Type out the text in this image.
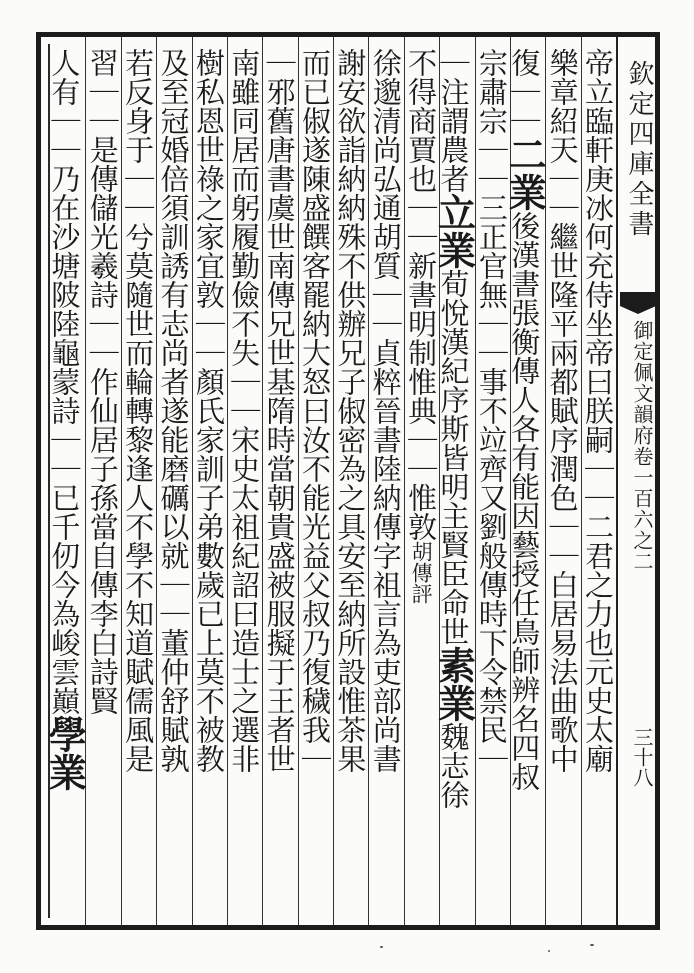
欽定四庫全書
御定佩文韻府卷一百六之二
三十八
帝立臨軒庚冰何充侍坐帝曰朕嗣｜｜二君之力也元史太廟
樂章紹天｜｜繼世隆平兩都賦序潤色｜｜白居易法曲歌中
復｜｜二業後漢書張衡傳人各有能因藝授任鳥師辨名四叔
宗肅宗｜｜三正官無｜｜事不竝齊又劉般傳時下令禁民｜
｜注謂農者立業荀悅漢紀序斯皆明主賢臣命世素業魏志徐
不得商賈也｜｜新書明制惟典｜｜惟敦胡傳評
徐邈清尚弘通胡質｜｜貞粹晉書陸納傳字祖言為吏部尚書
謝安欲詣納納殊不供辦兄子俶密為之具安至納所設惟茶果
而已俶遂陳盛饌客罷納大怒曰汝不能光益父叔乃復穢我｜
｜邪舊唐書虞世南傳兄世基隋時當朝貴盛被服擬于王者世
南雖同居而躬履勤儉不失｜｜宋史太祖紀詔曰造士之選非
樹私恩世祿之家宜敦｜｜顏氏家訓子弟數歲已上莫不被教
及至冠婚倍須訓誘有志尚者遂能磨礪以就｜｜董仲舒賦孰
若反身于｜｜兮莫隨世而輪轉黎逢人不學不知道賦儒風是
習｜｜是傳儲光羲詩｜｜作仙居子孫當自傳李白詩賢
人有｜｜乃在沙塘陂陸龜蒙詩｜｜已千仞今為峻雲巔學業
